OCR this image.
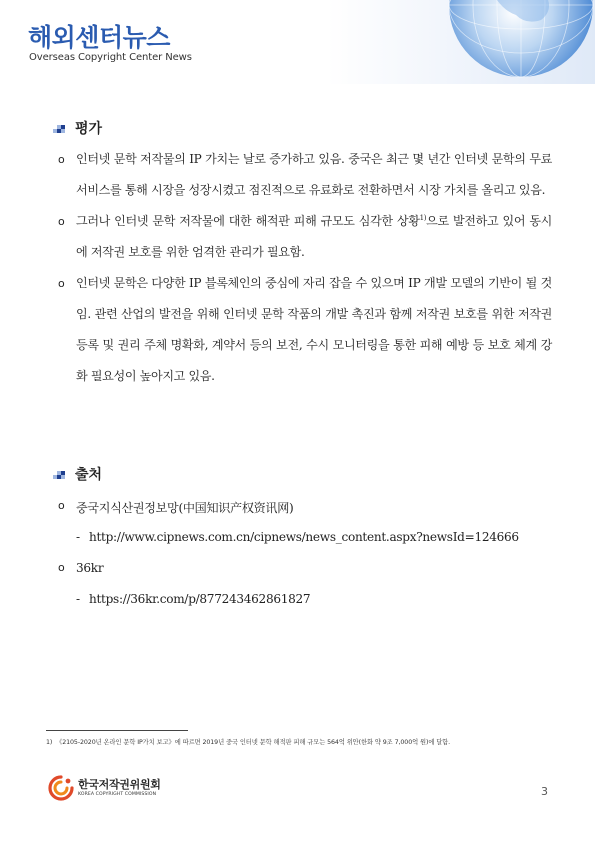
해외센터뉴스
Overseas Copyright Center News
평가
o 인터넷 문학 저작물의 IP 가치는 날로 증가하고 있음. 중국은 최근 몇 년간 인터넷 문학의 무료 서비스를 통해 시장을 성장시켰고 점진적으로 유료화로 전환하면서 시장 가치를 올리고 있음.
o 그러나 인터넷 문학 저작물에 대한 해적판 피해 규모도 심각한 상황$^{1)}$으로 발전하고 있어 동시에 저작권 보호를 위한 엄격한 관리가 필요함.
o 인터넷 문학은 다양한 IP 블록체인의 중심에 자리 잡을 수 있으며 IP 개발 모델의 기반이 될 것임. 관련 산업의 발전을 위해 인터넷 문학 작품의 개발 촉진과 함께 저작권 보호를 위한 저작권 등록 및 권리 주체 명확화, 계약서 등의 보전, 수시 모니터링을 통한 피해 예방 등 보호 체계 강화 필요성이 높아지고 있음.
출처
o 중국지식산권정보망(中国知识产权资讯网)
- http://www.cipnews.com.cn/cipnews/news_content.aspx?newsId=124666
o 36kr
- https://36kr.com/p/877243462861827
1) 《2105-2020년 온라인 문학 IP가치 보고》에 따르면 2019년 중국 인터넷 문학 해적판 피해 규모는 564억 위안(한화 약 9조 7,000억 원)에 달함.
한국저작권위원회
KOREA COPYRIGHT COMMISSION	3
